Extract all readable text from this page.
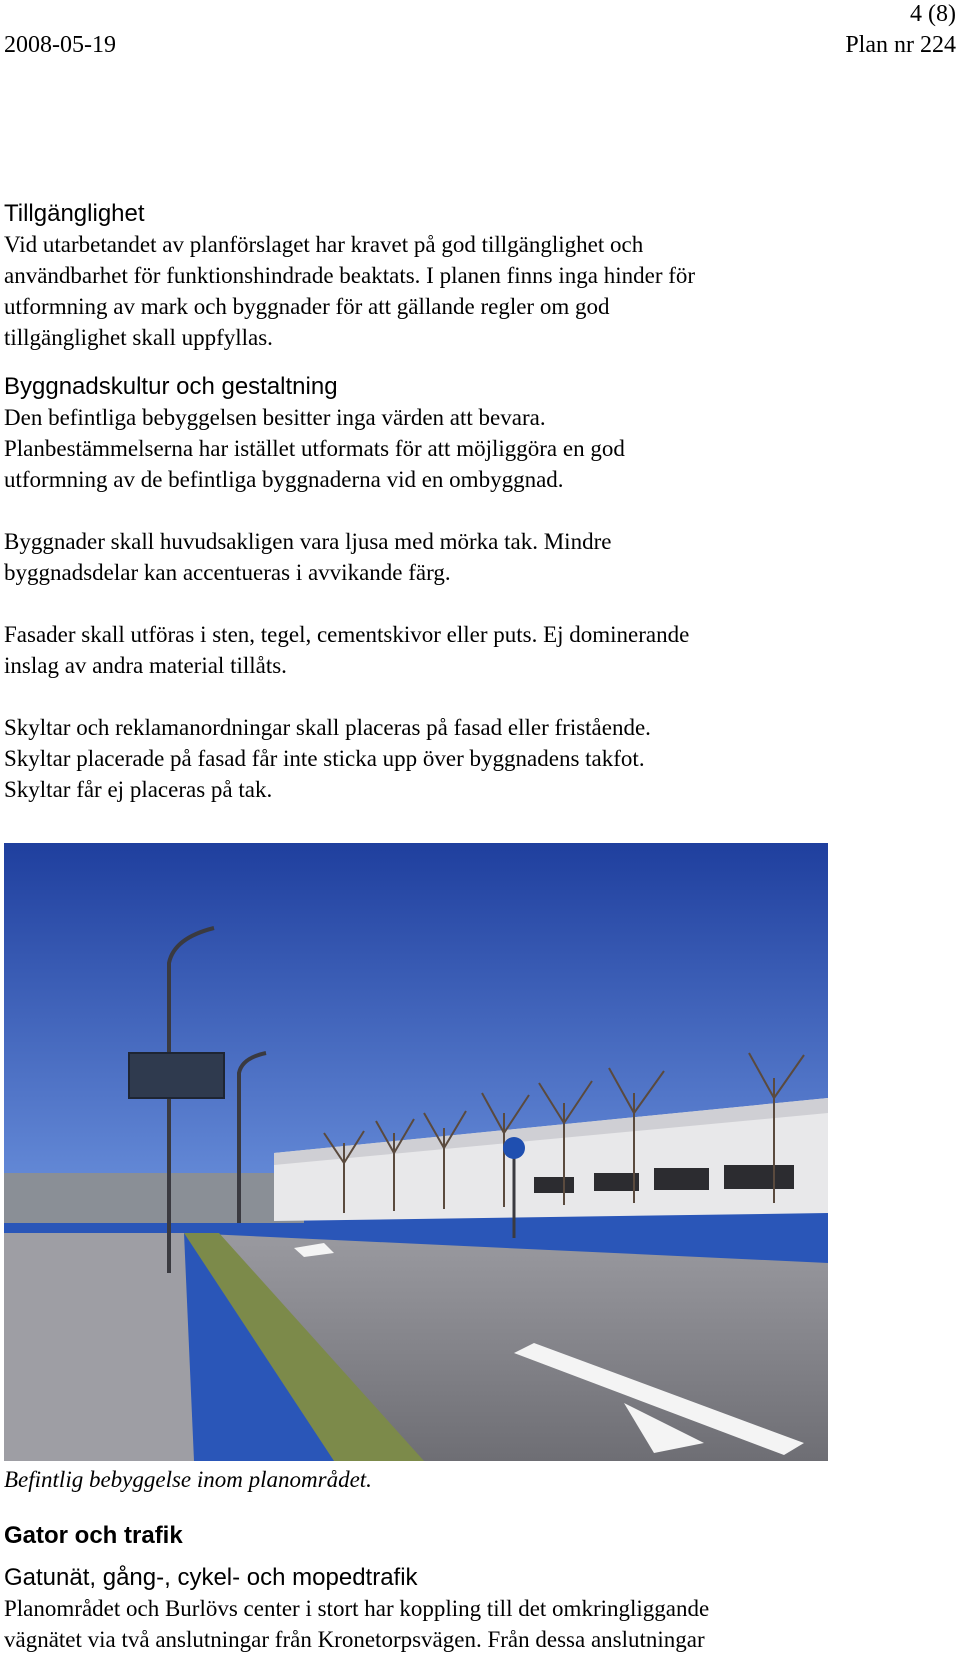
4 (8)
2008-05-19	Plan nr 224
Tillgänglighet

Vid utarbetandet av planförslaget har kravet på god tillgänglighet och

användbarhet för funktionshindrade beaktats. I planen finns inga hinder för

utformning av mark och byggnader för att gällande regler om god

tillgänglighet skall uppfyllas.

Byggnadskultur och gestaltning

Den befintliga bebyggelsen besitter inga värden att bevara.

Planbestämmelserna har istället utformats för att möjliggöra en god

utformning av de befintliga byggnaderna vid en ombyggnad.

Byggnader skall huvudsakligen vara ljusa med mörka tak. Mindre

byggnadsdelar kan accentueras i avvikande färg.

Fasader skall utföras i sten, tegel, cementskivor eller puts. Ej dominerande

inslag av andra material tillåts.

Skyltar och reklamanordningar skall placeras på fasad eller fristående.

Skyltar placerade på fasad får inte sticka upp över byggnadens takfot.

Skyltar får ej placeras på tak.

Befintlig bebyggelse inom planområdet.
Gator och trafik
Gatunät, gång-, cykel- och mopedtrafik

Planområdet och Burlövs center i stort har koppling till det omkringliggande

vägnätet via två anslutningar från Kronetorpsvägen. Från dessa anslutningar
